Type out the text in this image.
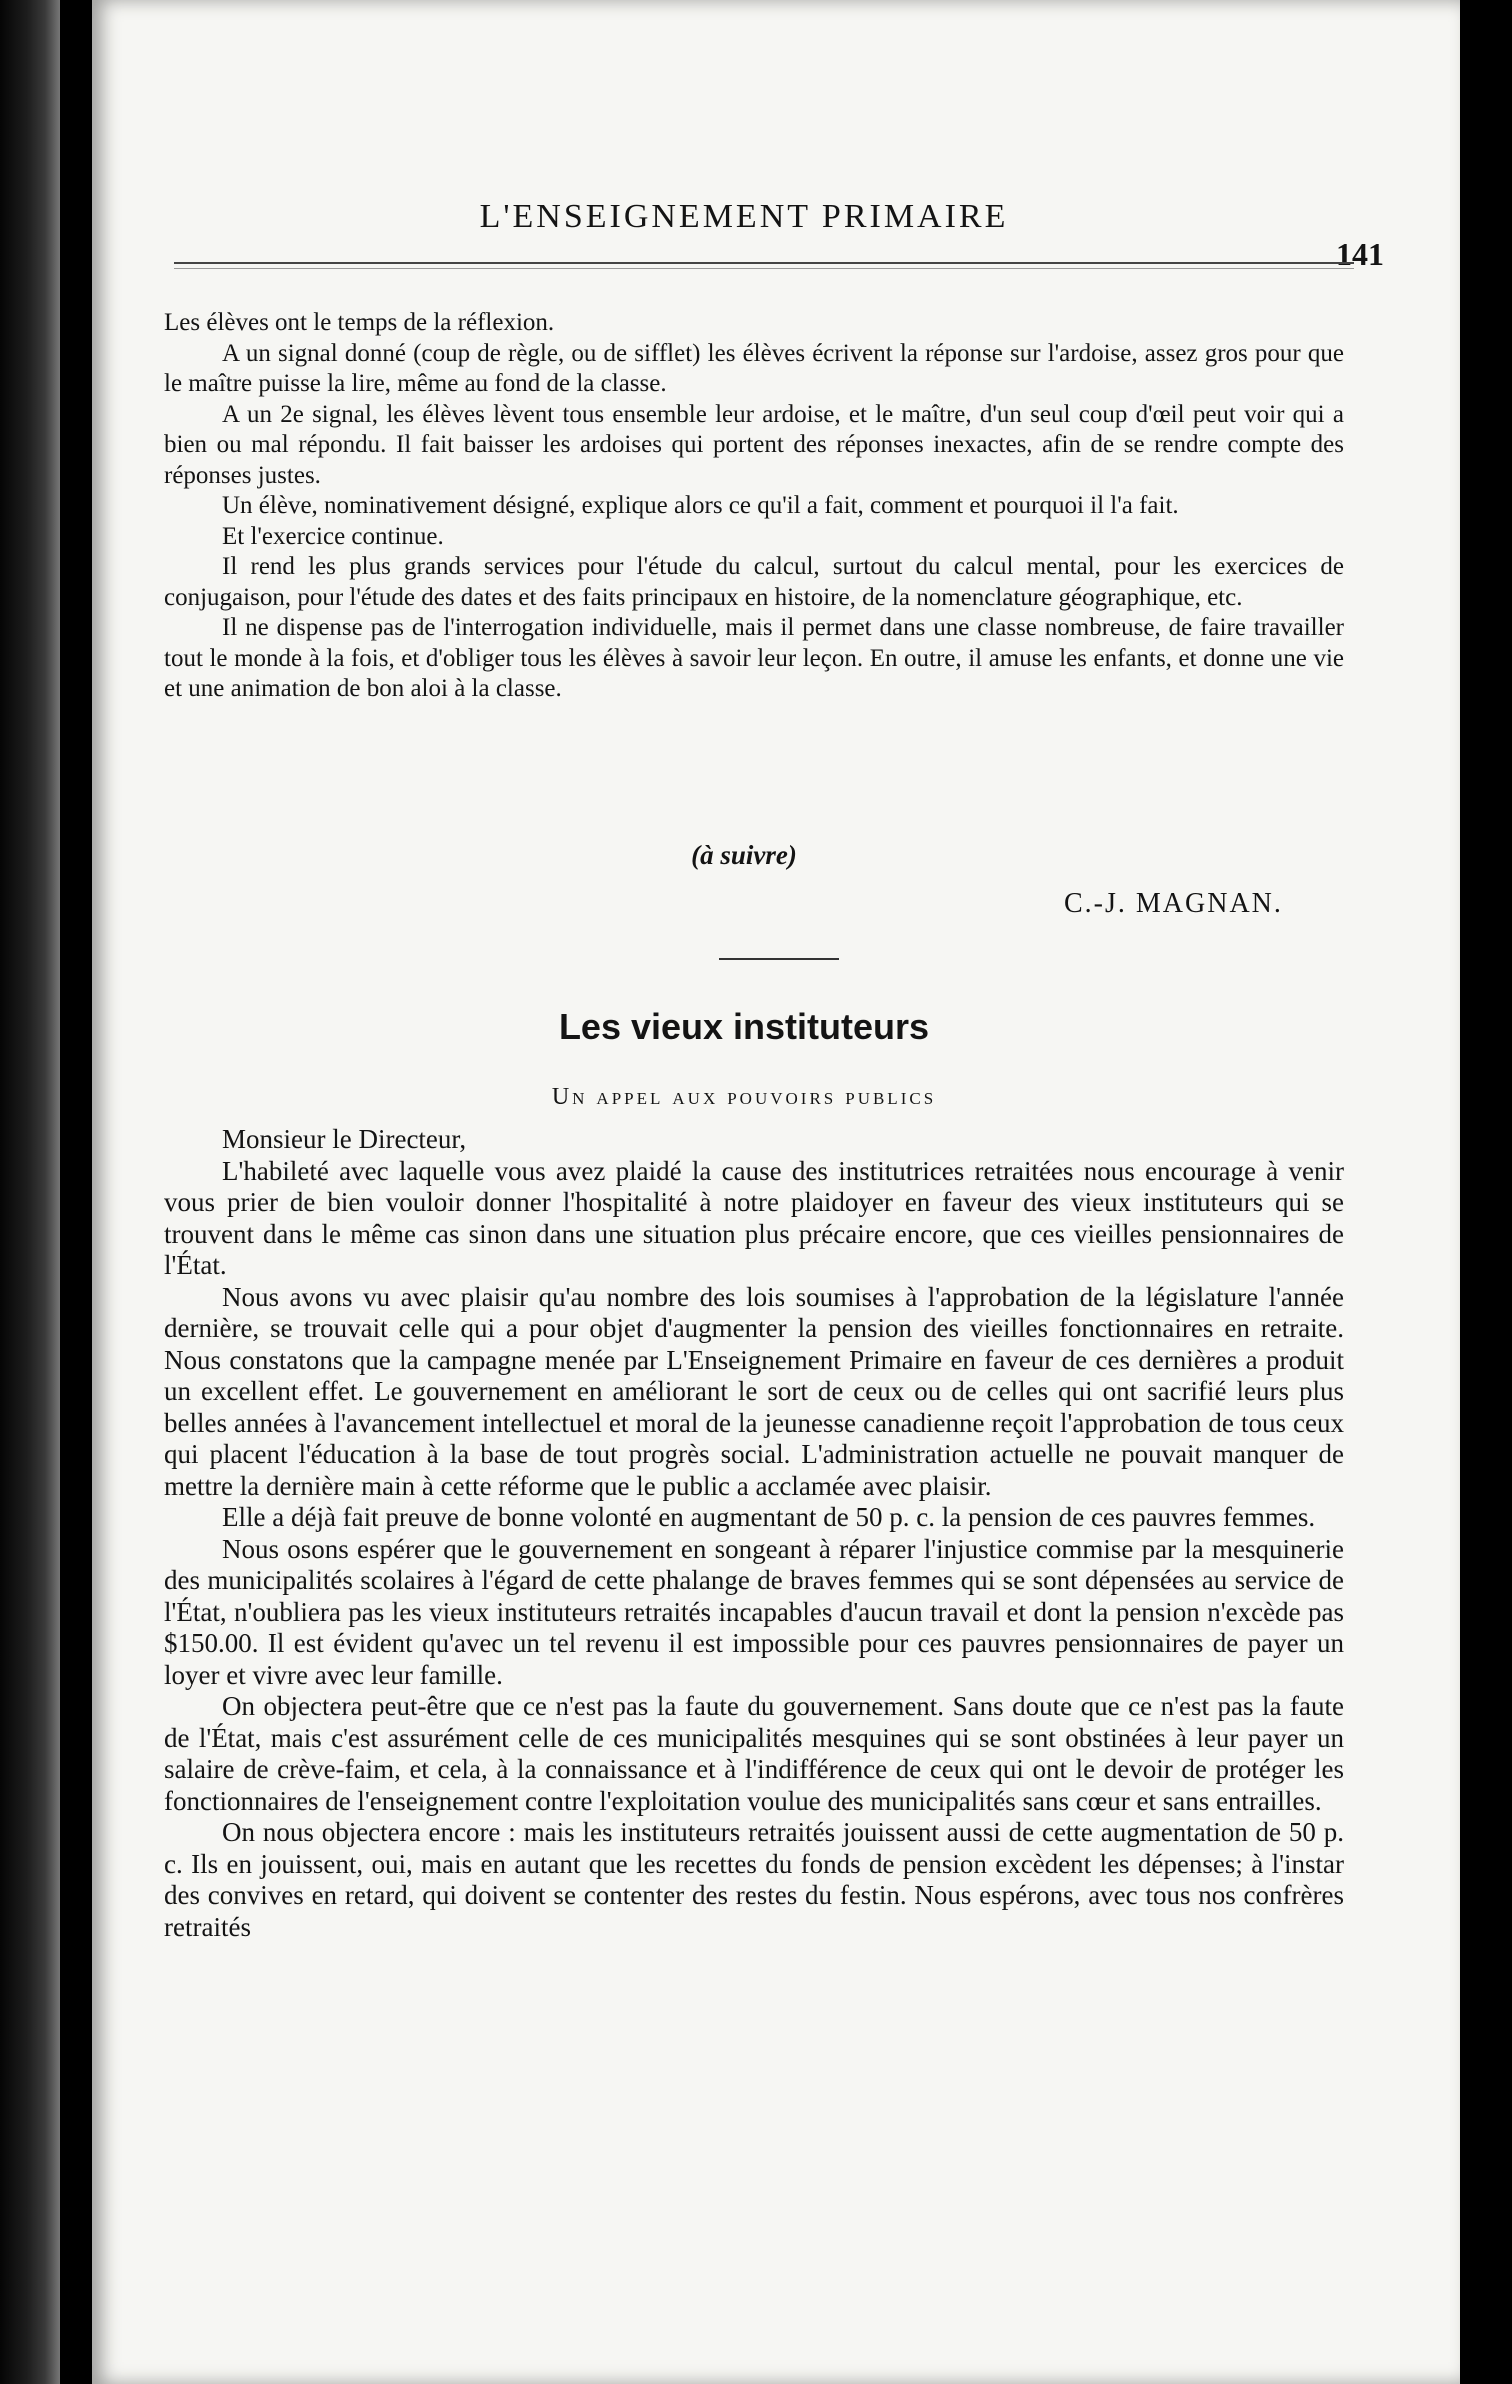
L'ENSEIGNEMENT PRIMAIRE
141

Les élèves ont le temps de la réflexion.

A un signal donné (coup de règle, ou de sifflet) les élèves écrivent la réponse sur l'ardoise, assez gros pour que le maître puisse la lire, même au fond de la classe.

A un 2e signal, les élèves lèvent tous ensemble leur ardoise, et le maître, d'un seul coup d'œil peut voir qui a bien ou mal répondu. Il fait baisser les ardoises qui portent des réponses inexactes, afin de se rendre compte des réponses justes.

Un élève, nominativement désigné, explique alors ce qu'il a fait, comment et pourquoi il l'a fait.

Et l'exercice continue.

Il rend les plus grands services pour l'étude du calcul, surtout du calcul mental, pour les exercices de conjugaison, pour l'étude des dates et des faits principaux en histoire, de la nomenclature géographique, etc.

Il ne dispense pas de l'interrogation individuelle, mais il permet dans une classe nombreuse, de faire travailler tout le monde à la fois, et d'obliger tous les élèves à savoir leur leçon. En outre, il amuse les enfants, et donne une vie et une animation de bon aloi à la classe.

(à suivre)
C.-J. MAGNAN.
Les vieux instituteurs
Un appel aux pouvoirs publics

Monsieur le Directeur,

L'habileté avec laquelle vous avez plaidé la cause des institutrices retraitées nous encourage à venir vous prier de bien vouloir donner l'hospitalité à notre plaidoyer en faveur des vieux instituteurs qui se trouvent dans le même cas sinon dans une situation plus précaire encore, que ces vieilles pensionnaires de l'État.

Nous avons vu avec plaisir qu'au nombre des lois soumises à l'approbation de la législature l'année dernière, se trouvait celle qui a pour objet d'augmenter la pension des vieilles fonctionnaires en retraite. Nous constatons que la campagne menée par L'Enseignement Primaire en faveur de ces dernières a produit un excellent effet. Le gouvernement en améliorant le sort de ceux ou de celles qui ont sacrifié leurs plus belles années à l'avancement intellectuel et moral de la jeunesse canadienne reçoit l'approbation de tous ceux qui placent l'éducation à la base de tout progrès social. L'administration actuelle ne pouvait manquer de mettre la dernière main à cette réforme que le public a acclamée avec plaisir.

Elle a déjà fait preuve de bonne volonté en augmentant de 50 p. c. la pension de ces pauvres femmes.

Nous osons espérer que le gouvernement en songeant à réparer l'injustice commise par la mesquinerie des municipalités scolaires à l'égard de cette phalange de braves femmes qui se sont dépensées au service de l'État, n'oubliera pas les vieux instituteurs retraités incapables d'aucun travail et dont la pension n'excède pas $150.00. Il est évident qu'avec un tel revenu il est impossible pour ces pauvres pensionnaires de payer un loyer et vivre avec leur famille.

On objectera peut-être que ce n'est pas la faute du gouvernement. Sans doute que ce n'est pas la faute de l'État, mais c'est assurément celle de ces municipalités mesquines qui se sont obstinées à leur payer un salaire de crève-faim, et cela, à la connaissance et à l'indifférence de ceux qui ont le devoir de protéger les fonctionnaires de l'enseignement contre l'exploitation voulue des municipalités sans cœur et sans entrailles.

On nous objectera encore : mais les instituteurs retraités jouissent aussi de cette augmentation de 50 p. c. Ils en jouissent, oui, mais en autant que les recettes du fonds de pension excèdent les dépenses; à l'instar des convives en retard, qui doivent se contenter des restes du festin. Nous espérons, avec tous nos confrères retraités
